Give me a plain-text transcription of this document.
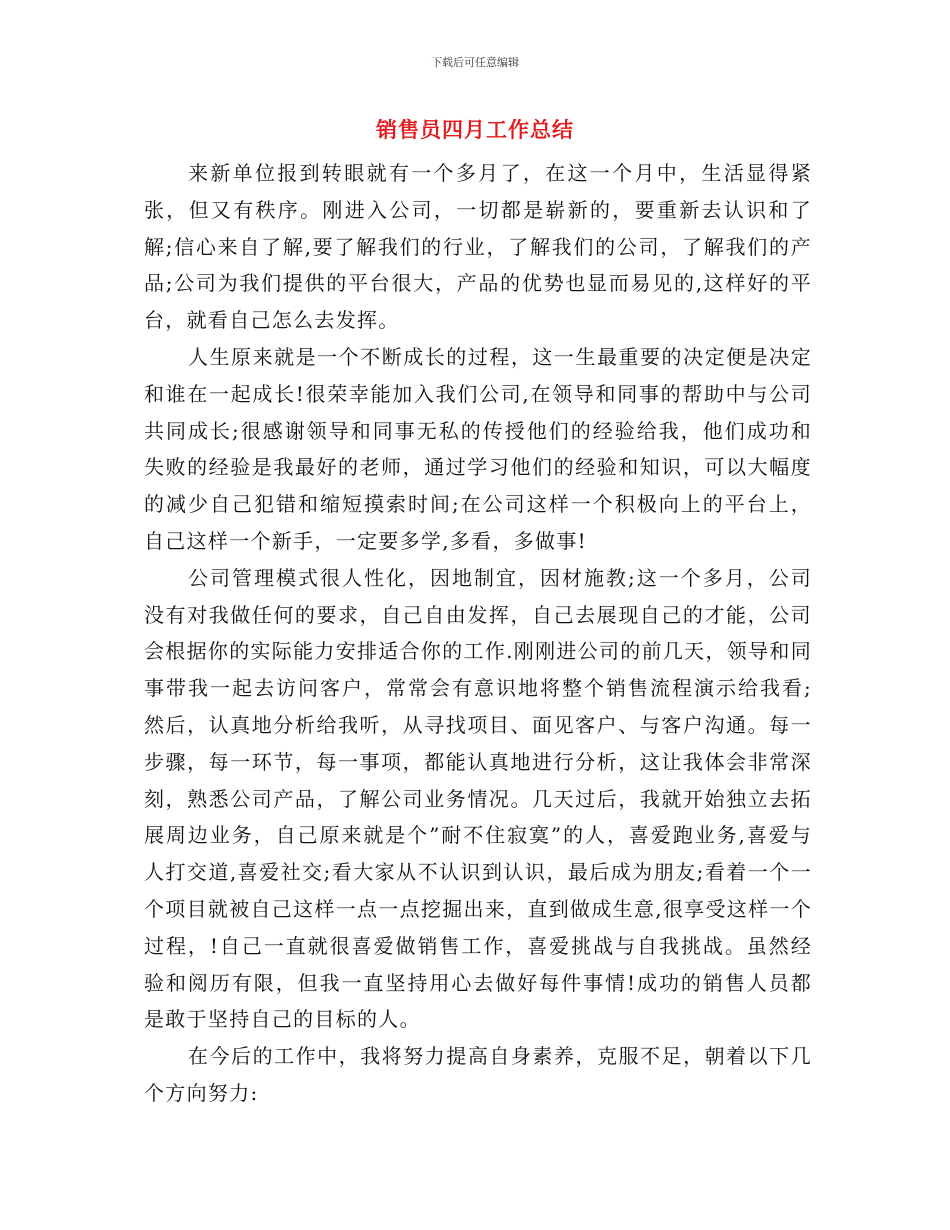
下载后可任意编辑
销售员四月工作总结

来新单位报到转眼就有一个多月了，在这一个月中，生活显得紧张，但又有秩序。刚进入公司，一切都是崭新的，要重新去认识和了解;信心来自了解,要了解我们的行业，了解我们的公司，了解我们的产品;公司为我们提供的平台很大，产品的优势也显而易见的,这样好的平台，就看自己怎么去发挥。

人生原来就是一个不断成长的过程，这一生最重要的决定便是决定和谁在一起成长!很荣幸能加入我们公司,在领导和同事的帮助中与公司共同成长;很感谢领导和同事无私的传授他们的经验给我，他们成功和失败的经验是我最好的老师，通过学习他们的经验和知识，可以大幅度的减少自己犯错和缩短摸索时间;在公司这样一个积极向上的平台上，自己这样一个新手，一定要多学,多看，多做事!

公司管理模式很人性化，因地制宜，因材施教;这一个多月，公司没有对我做任何的要求，自己自由发挥，自己去展现自己的才能，公司会根据你的实际能力安排适合你的工作.刚刚进公司的前几天，领导和同事带我一起去访问客户，常常会有意识地将整个销售流程演示给我看;然后，认真地分析给我听，从寻找项目、面见客户、与客户沟通。每一步骤，每一环节，每一事项，都能认真地进行分析，这让我体会非常深刻，熟悉公司产品，了解公司业务情况。几天过后，我就开始独立去拓展周边业务，自己原来就是个”耐不住寂寞”的人，喜爱跑业务,喜爱与人打交道,喜爱社交;看大家从不认识到认识，最后成为朋友;看着一个一个项目就被自己这样一点一点挖掘出来，直到做成生意,很享受这样一个过程，!自己一直就很喜爱做销售工作，喜爱挑战与自我挑战。虽然经验和阅历有限，但我一直坚持用心去做好每件事情!成功的销售人员都是敢于坚持自己的目标的人。

在今后的工作中，我将努力提高自身素养，克服不足，朝着以下几个方向努力:
